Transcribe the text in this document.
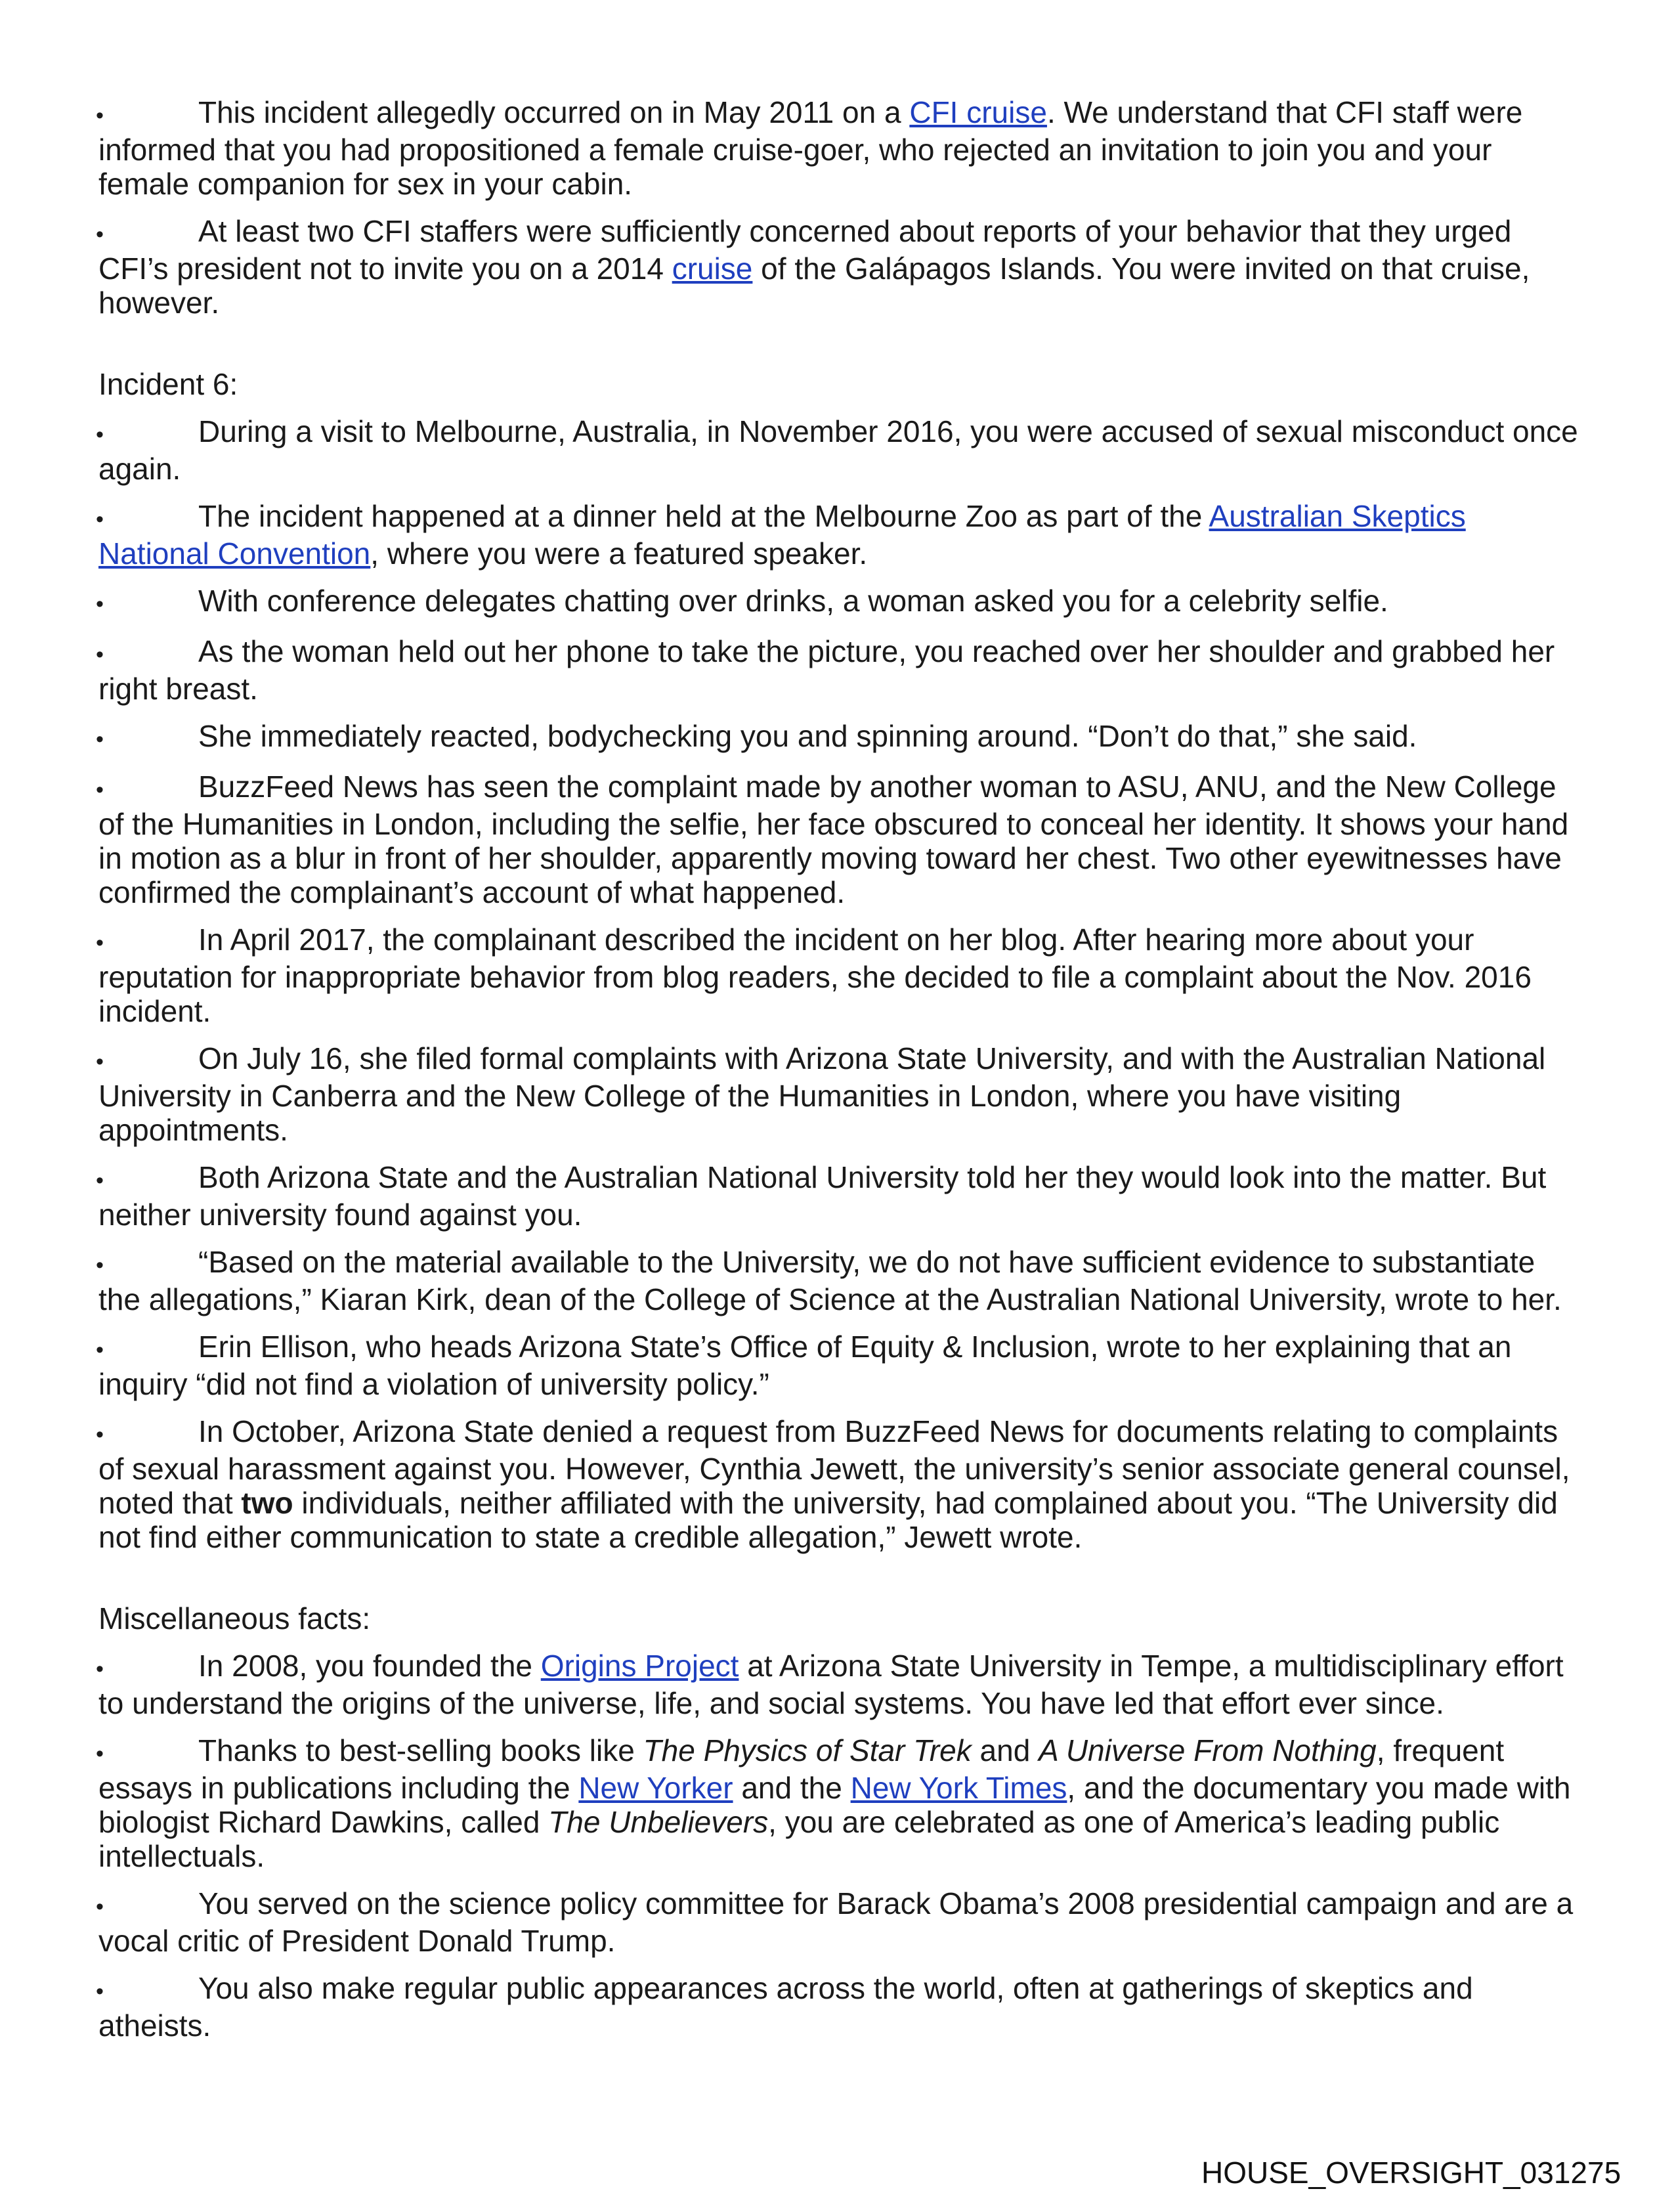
•This incident allegedly occurred on in May 2011 on a CFI cruise. We understand that CFI staff were informed that you had propositioned a female cruise-goer, who rejected an invitation to join you and your female companion for sex in your cabin.

•At least two CFI staffers were sufficiently concerned about reports of your behavior that they urged CFI’s president not to invite you on a 2014 cruise of the Galápagos Islands. You were invited on that cruise, however.

Incident 6:

•During a visit to Melbourne, Australia, in November 2016, you were accused of sexual misconduct once again.

•The incident happened at a dinner held at the Melbourne Zoo as part of the Australian Skeptics National Convention, where you were a featured speaker.

•With conference delegates chatting over drinks, a woman asked you for a celebrity selfie.

•As the woman held out her phone to take the picture, you reached over her shoulder and grabbed her right breast.

•She immediately reacted, bodychecking you and spinning around. “Don’t do that,” she said.

•BuzzFeed News has seen the complaint made by another woman to ASU, ANU, and the New College of the Humanities in London, including the selfie, her face obscured to conceal her identity. It shows your hand in motion as a blur in front of her shoulder, apparently moving toward her chest. Two other eyewitnesses have confirmed the complainant’s account of what happened.

•In April 2017, the complainant described the incident on her blog. After hearing more about your reputation for inappropriate behavior from blog readers, she decided to file a complaint about the Nov. 2016 incident.

•On July 16, she filed formal complaints with Arizona State University, and with the Australian National University in Canberra and the New College of the Humanities in London, where you have visiting appointments.

•Both Arizona State and the Australian National University told her they would look into the matter. But neither university found against you.

•“Based on the material available to the University, we do not have sufficient evidence to substantiate the allegations,” Kiaran Kirk, dean of the College of Science at the Australian National University, wrote to her.

•Erin Ellison, who heads Arizona State’s Office of Equity & Inclusion, wrote to her explaining that an inquiry “did not find a violation of university policy.”

•In October, Arizona State denied a request from BuzzFeed News for documents relating to complaints of sexual harassment against you. However, Cynthia Jewett, the university’s senior associate general counsel, noted that two individuals, neither affiliated with the university, had complained about you. “The University did not find either communication to state a credible allegation,” Jewett wrote.

Miscellaneous facts:

•In 2008, you founded the Origins Project at Arizona State University in Tempe, a multidisciplinary effort to understand the origins of the universe, life, and social systems. You have led that effort ever since.

•Thanks to best-selling books like The Physics of Star Trek and A Universe From Nothing, frequent essays in publications including the New Yorker and the New York Times, and the documentary you made with biologist Richard Dawkins, called The Unbelievers, you are celebrated as one of America’s leading public intellectuals.

•You served on the science policy committee for Barack Obama’s 2008 presidential campaign and are a vocal critic of President Donald Trump.

•You also make regular public appearances across the world, often at gatherings of skeptics and atheists.

HOUSE_OVERSIGHT_031275
